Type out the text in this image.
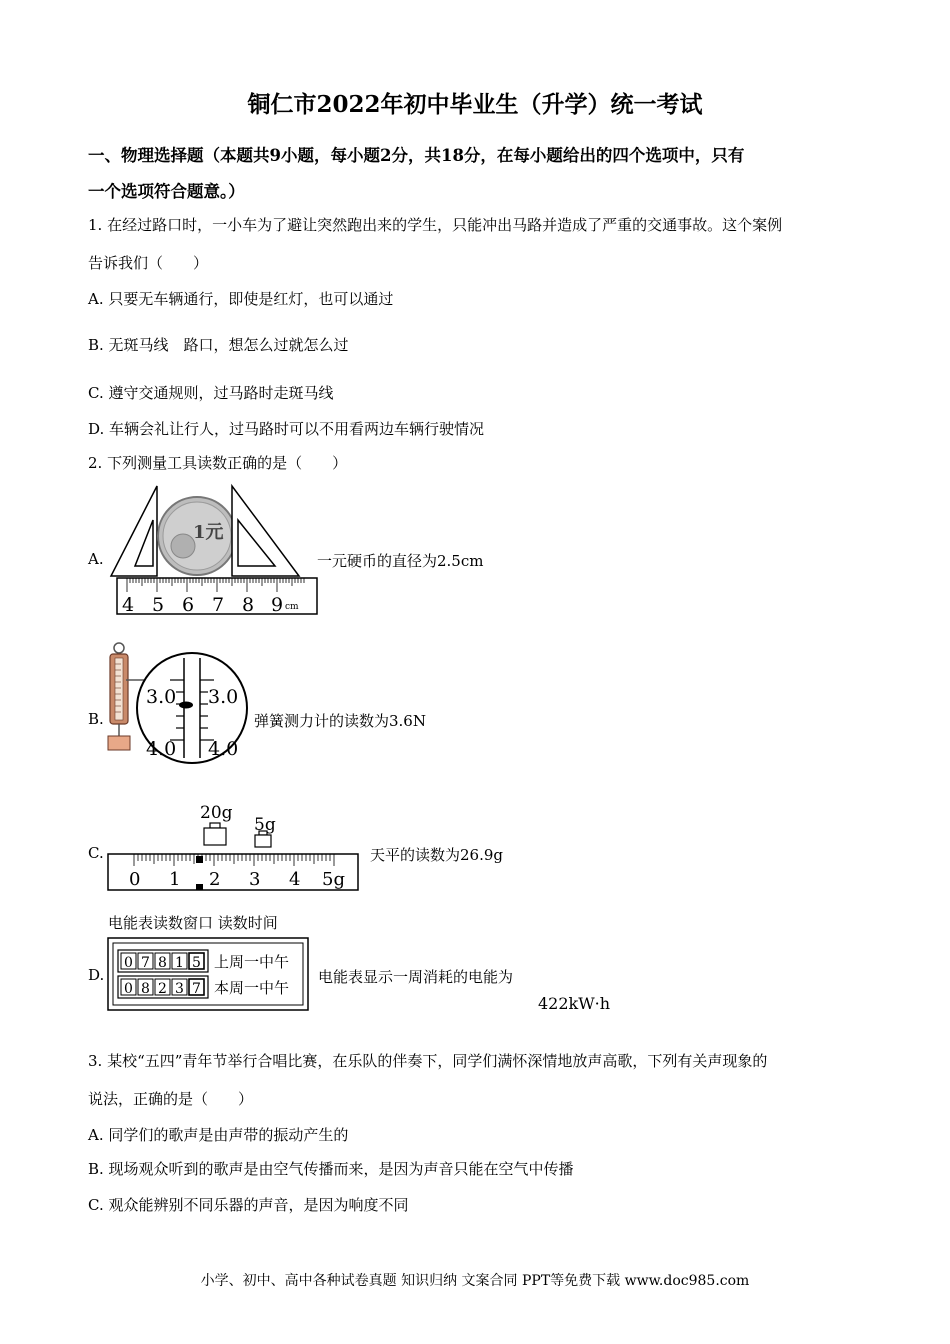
铜仁市2022年初中毕业生（升学）统一考试
一、物理选择题（本题共9小题，每小题2分，共18分，在每小题给出的四个选项中，只有
一个选项符合题意。）
1. 在经过路口时，一小车为了避让突然跑出来的学生，只能冲出马路并造成了严重的交通事故。这个案例
告诉我们（　　）
A. 只要无车辆通行，即使是红灯，也可以通过
B. 无斑马线　路口，想怎么过就怎么过
C. 遵守交通规则，过马路时走斑马线
D. 车辆会礼让行人，过马路时可以不用看两边车辆行驶情况
2. 下列测量工具读数正确的是（　　）
A.
4 5 6 7 8 9 cm
1元
一元硬币的直径为2.5cm
B.
3.0 3.0
4.0 4.0
弹簧测力计的读数为3.6N
C.
20g
5g
0 1 2 3 4 5g
天平的读数为26.9g
电能表读数窗口 读数时间
D.
0 7 8 1 5 上周一中午
0 8 2 3 7 本周一中午
电能表显示一周消耗的电能为
422kW·h
3. 某校“五四”青年节举行合唱比赛，在乐队的伴奏下，同学们满怀深情地放声高歌，下列有关声现象的
说法，正确的是（　　）
A. 同学们的歌声是由声带的振动产生的
B. 现场观众听到的歌声是由空气传播而来，是因为声音只能在空气中传播
C. 观众能辨别不同乐器的声音，是因为响度不同
小学、初中、高中各种试卷真题 知识归纳 文案合同 PPT等免费下载 www.doc985.com
